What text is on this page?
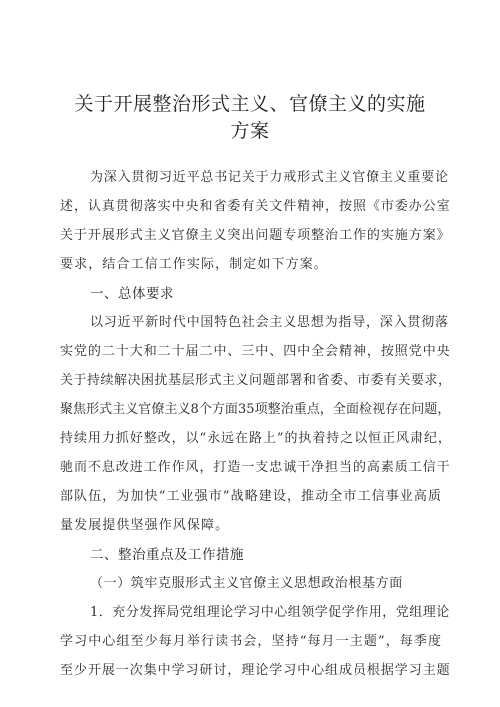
关于开展整治形式主义、官僚主义的实施
方案
为深入贯彻习近平总书记关于力戒形式主义官僚主义重要论
述，认真贯彻落实中央和省委有关文件精神，按照《市委办公室
关于开展形式主义官僚主义突出问题专项整治工作的实施方案》
要求，结合工信工作实际，制定如下方案。
一、总体要求
以习近平新时代中国特色社会主义思想为指导，深入贯彻落
实党的二十大和二十届二中、三中、四中全会精神，按照党中央
关于持续解决困扰基层形式主义问题部署和省委、市委有关要求，
聚焦形式主义官僚主义8个方面35项整治重点，全面检视存在问题，
持续用力抓好整改，以“永远在路上”的执着持之以恒正风肃纪，
驰而不息改进工作作风，打造一支忠诚干净担当的高素质工信干
部队伍，为加快“工业强市”战略建设，推动全市工信事业高质
量发展提供坚强作风保障。
二、整治重点及工作措施
（一）筑牢克服形式主义官僚主义思想政治根基方面
1．充分发挥局党组理论学习中心组领学促学作用，党组理论
学习中心组至少每月举行读书会，坚持“每月一主题”，每季度
至少开展一次集中学习研讨，理论学习中心组成员根据学习主题
